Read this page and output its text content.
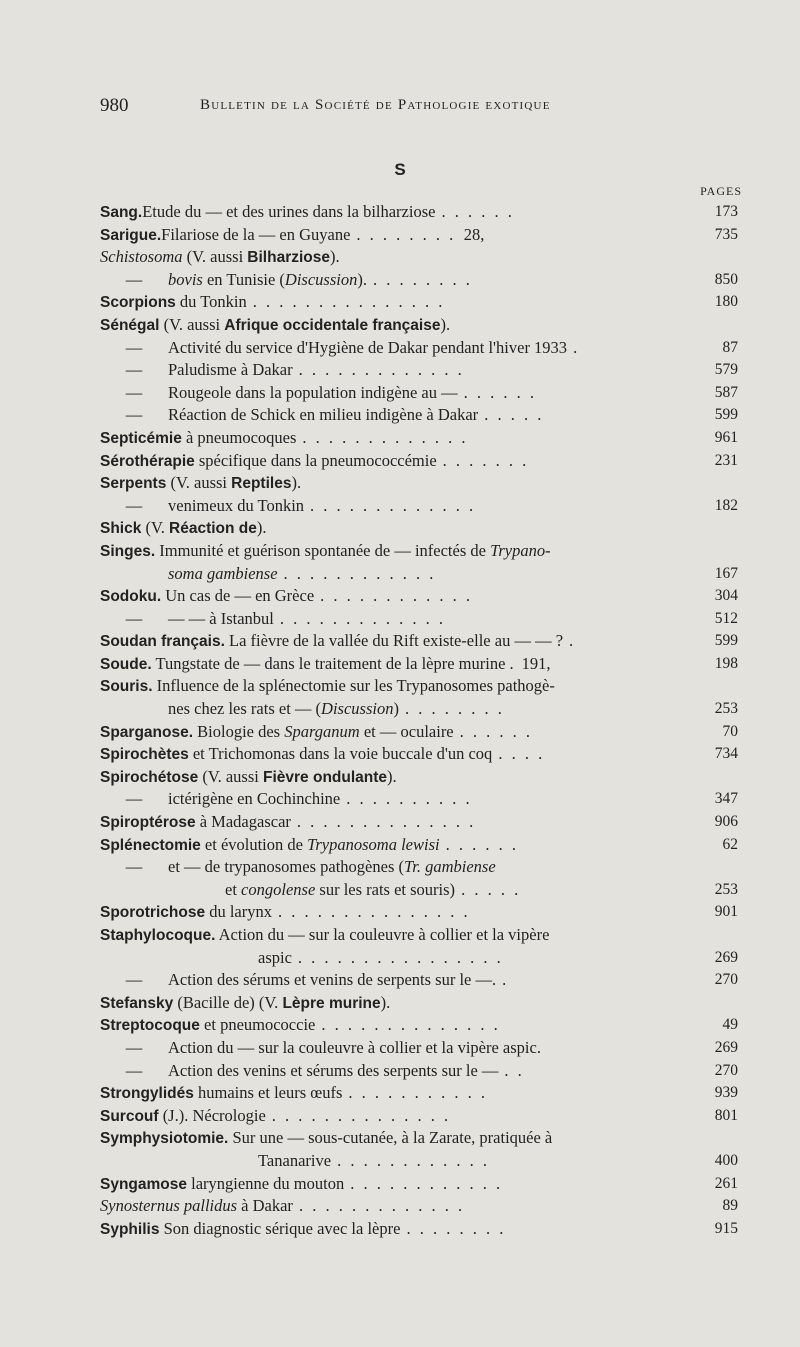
980	Bulletin de la Société de Pathologie exotique
S
PAGES
Sang.Etude du — et des urines dans la bilharziose . . . . . .	173
Sarigue.Filariose de la — en Guyane . . . . . . . . 28,	735
Schistosoma (V. aussi Bilharziose).
— bovis en Tunisie (Discussion). . . . . . . . .	850
Scorpions du Tonkin . . . . . . . . . . . . . . .	180
Sénégal (V. aussi Afrique occidentale française).
— Activité du service d'Hygiène de Dakar pendant l'hiver 1933 .	87
— Paludisme à Dakar . . . . . . . . . . . . .	579
— Rougeole dans la population indigène au — . . . . . .	587
— Réaction de Schick en milieu indigène à Dakar . . . . .	599
Septicémie à pneumocoques . . . . . . . . . . . . .	961
Sérothérapie spécifique dans la pneumococcémie . . . . . . .	231
Serpents (V. aussi Reptiles).
— venimeux du Tonkin . . . . . . . . . . . . .	182
Shick (V. Réaction de).
Singes. Immunité et guérison spontanée de — infectés de Trypano-
soma gambiense . . . . . . . . . . . .	167
Sodoku. Un cas de — en Grèce . . . . . . . . . . . .	304
— — — à Istanbul . . . . . . . . . . . . .	512
Soudan français. La fièvre de la vallée du Rift existe-elle au — — ? .	599
Soude. Tungstate de — dans le traitement de la lèpre murine . 191,	198
Souris. Influence de la splénectomie sur les Trypanosomes pathogè-
nes chez les rats et — (Discussion) . . . . . . . .	253
Sparganose. Biologie des Sparganum et — oculaire . . . . . .	70
Spirochètes et Trichomonas dans la voie buccale d'un coq . . . .	734
Spirochétose (V. aussi Fièvre ondulante).
— ictérigène en Cochinchine . . . . . . . . . .	347
Spiroptérose à Madagascar . . . . . . . . . . . . . .	906
Splénectomie et évolution de Trypanosoma lewisi . . . . . .	62
— et — de trypanosomes pathogènes (Tr. gambiense
et congolense sur les rats et souris) . . . . .	253
Sporotrichose du larynx . . . . . . . . . . . . . . .	901
Staphylocoque. Action du — sur la couleuvre à collier et la vipère
aspic . . . . . . . . . . . . . . . .	269
— Action des sérums et venins de serpents sur le —. .	270
Stefansky (Bacille de) (V. Lèpre murine).
Streptocoque et pneumococcie . . . . . . . . . . . . . .	49
— Action du — sur la couleuvre à collier et la vipère aspic.	269
— Action des venins et sérums des serpents sur le — . .	270
Strongylidés humains et leurs œufs . . . . . . . . . . .	939
Surcouf (J.). Nécrologie . . . . . . . . . . . . . .	801
Symphysiotomie. Sur une — sous-cutanée, à la Zarate, pratiquée à
Tananarive . . . . . . . . . . . .	400
Syngamose laryngienne du mouton . . . . . . . . . . . .	261
Synosternus pallidus à Dakar . . . . . . . . . . . . .	89
Syphilis Son diagnostic sérique avec la lèpre . . . . . . . .	915
